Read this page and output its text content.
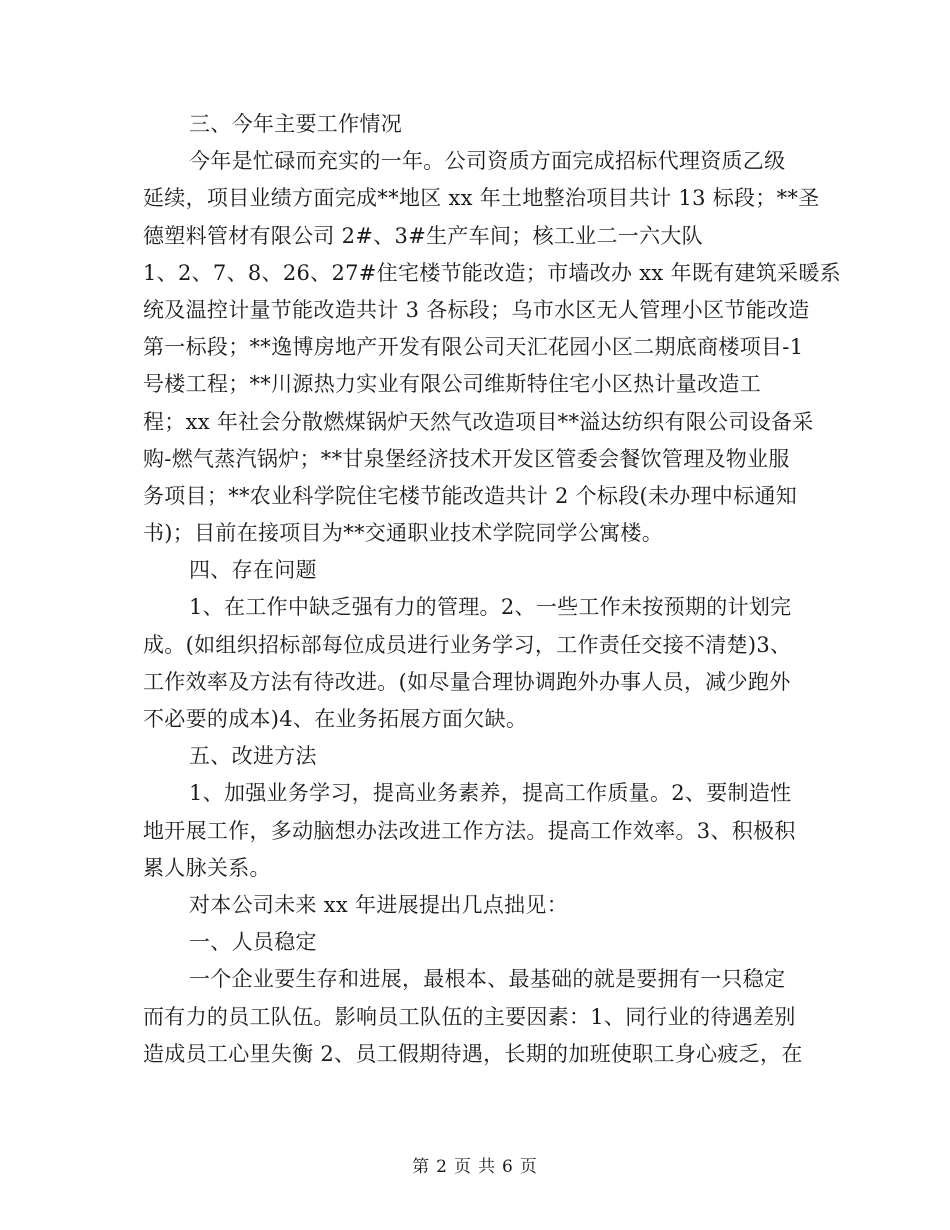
三、今年主要工作情况
今年是忙碌而充实的一年。公司资质方面完成招标代理资质乙级
延续，项目业绩方面完成**地区 xx 年土地整治项目共计 13 标段；**圣
德塑料管材有限公司 2#、3#生产车间；核工业二一六大队
1、2、7、8、26、27#住宅楼节能改造；市墙改办 xx 年既有建筑采暖系
统及温控计量节能改造共计 3 各标段；乌市水区无人管理小区节能改造
第一标段；**逸博房地产开发有限公司天汇花园小区二期底商楼项目-1
号楼工程；**川源热力实业有限公司维斯特住宅小区热计量改造工
程；xx 年社会分散燃煤锅炉天然气改造项目**溢达纺织有限公司设备采
购-燃气蒸汽锅炉；**甘泉堡经济技术开发区管委会餐饮管理及物业服
务项目；**农业科学院住宅楼节能改造共计 2 个标段(未办理中标通知
书)；目前在接项目为**交通职业技术学院同学公寓楼。
四、存在问题
1、在工作中缺乏强有力的管理。2、一些工作未按预期的计划完
成。(如组织招标部每位成员进行业务学习，工作责任交接不清楚)3、
工作效率及方法有待改进。(如尽量合理协调跑外办事人员，减少跑外
不必要的成本)4、在业务拓展方面欠缺。
五、改进方法
1、加强业务学习，提高业务素养，提高工作质量。2、要制造性
地开展工作，多动脑想办法改进工作方法。提高工作效率。3、积极积
累人脉关系。
对本公司未来 xx 年进展提出几点拙见：
一、人员稳定
一个企业要生存和进展，最根本、最基础的就是要拥有一只稳定
而有力的员工队伍。影响员工队伍的主要因素：1、同行业的待遇差别
造成员工心里失衡 2、员工假期待遇，长期的加班使职工身心疲乏，在
第 2 页 共 6 页
